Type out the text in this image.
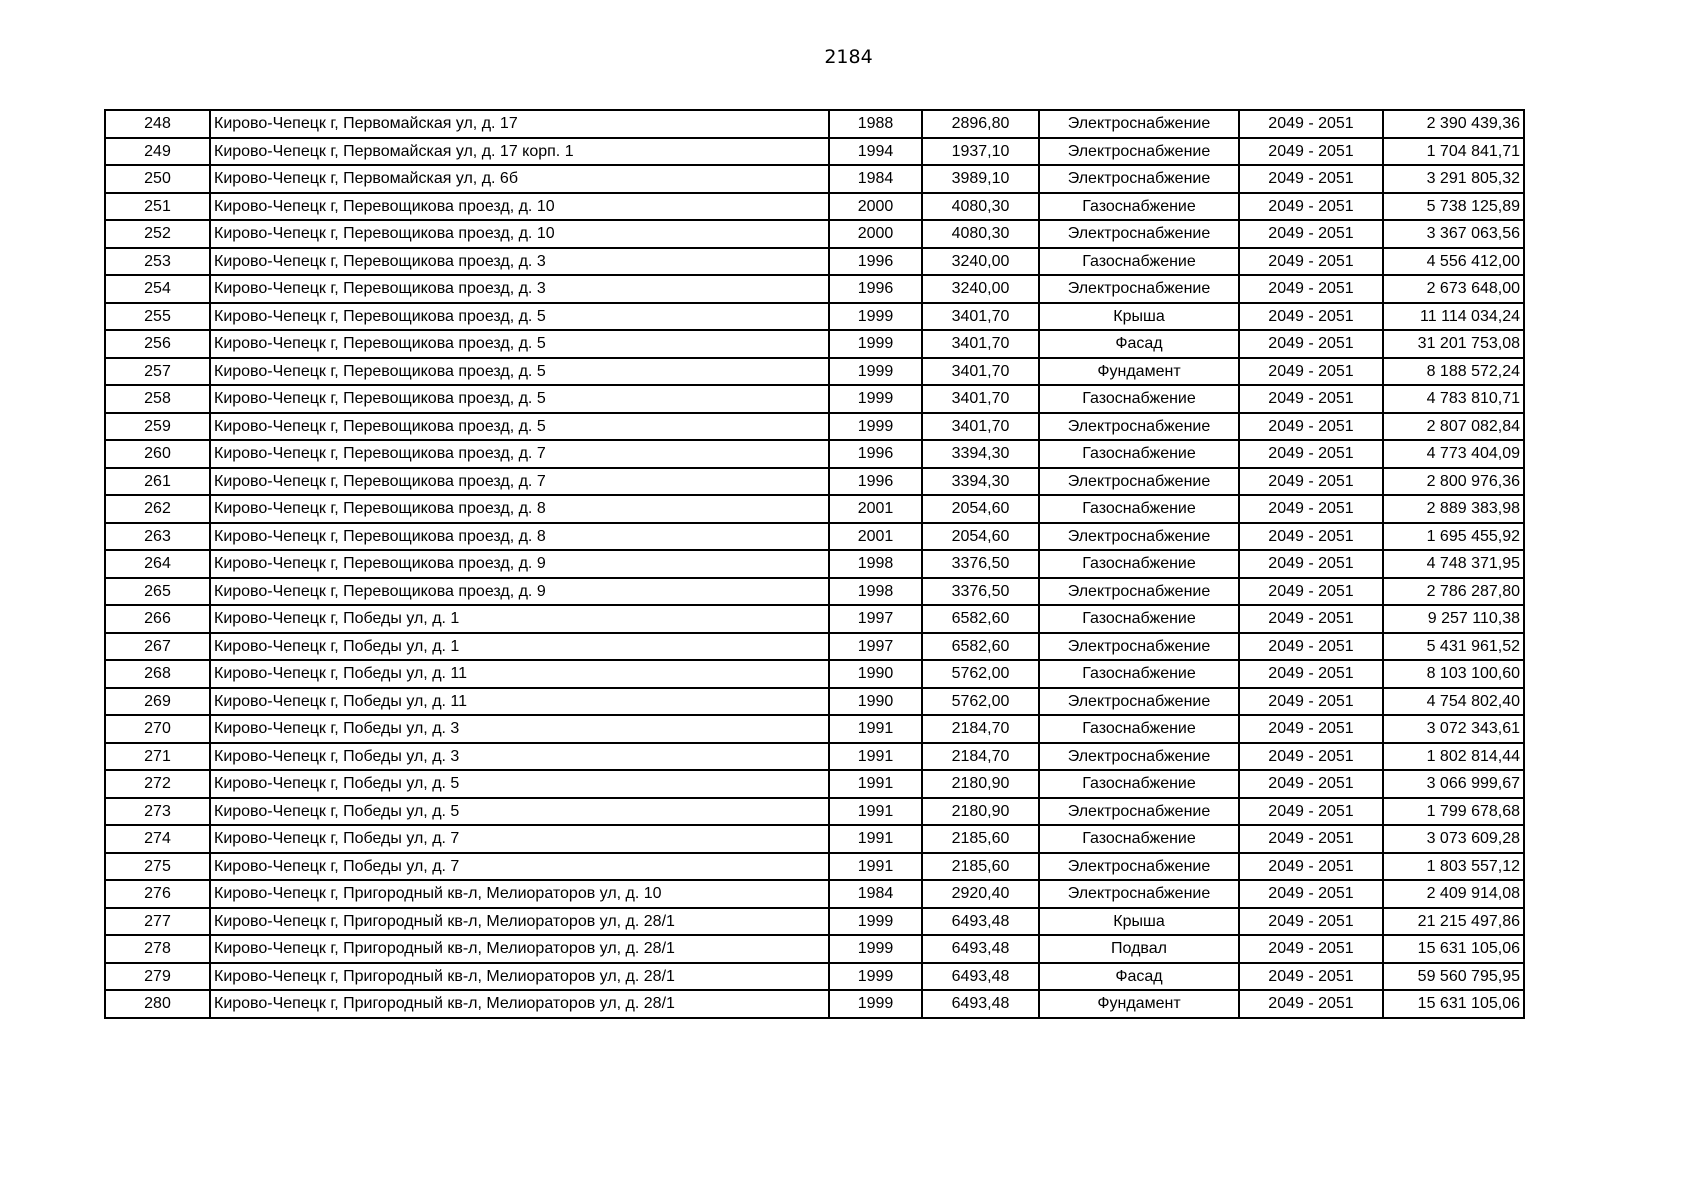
2184
248	Кирово-Чепецк г, Первомайская ул, д. 17	1988	2896,80	Электроснабжение	2049 - 2051	2 390 439,36
249	Кирово-Чепецк г, Первомайская ул, д. 17 корп. 1	1994	1937,10	Электроснабжение	2049 - 2051	1 704 841,71
250	Кирово-Чепецк г, Первомайская ул, д. 6б	1984	3989,10	Электроснабжение	2049 - 2051	3 291 805,32
251	Кирово-Чепецк г, Перевощикова проезд, д. 10	2000	4080,30	Газоснабжение	2049 - 2051	5 738 125,89
252	Кирово-Чепецк г, Перевощикова проезд, д. 10	2000	4080,30	Электроснабжение	2049 - 2051	3 367 063,56
253	Кирово-Чепецк г, Перевощикова проезд, д. 3	1996	3240,00	Газоснабжение	2049 - 2051	4 556 412,00
254	Кирово-Чепецк г, Перевощикова проезд, д. 3	1996	3240,00	Электроснабжение	2049 - 2051	2 673 648,00
255	Кирово-Чепецк г, Перевощикова проезд, д. 5	1999	3401,70	Крыша	2049 - 2051	11 114 034,24
256	Кирово-Чепецк г, Перевощикова проезд, д. 5	1999	3401,70	Фасад	2049 - 2051	31 201 753,08
257	Кирово-Чепецк г, Перевощикова проезд, д. 5	1999	3401,70	Фундамент	2049 - 2051	8 188 572,24
258	Кирово-Чепецк г, Перевощикова проезд, д. 5	1999	3401,70	Газоснабжение	2049 - 2051	4 783 810,71
259	Кирово-Чепецк г, Перевощикова проезд, д. 5	1999	3401,70	Электроснабжение	2049 - 2051	2 807 082,84
260	Кирово-Чепецк г, Перевощикова проезд, д. 7	1996	3394,30	Газоснабжение	2049 - 2051	4 773 404,09
261	Кирово-Чепецк г, Перевощикова проезд, д. 7	1996	3394,30	Электроснабжение	2049 - 2051	2 800 976,36
262	Кирово-Чепецк г, Перевощикова проезд, д. 8	2001	2054,60	Газоснабжение	2049 - 2051	2 889 383,98
263	Кирово-Чепецк г, Перевощикова проезд, д. 8	2001	2054,60	Электроснабжение	2049 - 2051	1 695 455,92
264	Кирово-Чепецк г, Перевощикова проезд, д. 9	1998	3376,50	Газоснабжение	2049 - 2051	4 748 371,95
265	Кирово-Чепецк г, Перевощикова проезд, д. 9	1998	3376,50	Электроснабжение	2049 - 2051	2 786 287,80
266	Кирово-Чепецк г, Победы ул, д. 1	1997	6582,60	Газоснабжение	2049 - 2051	9 257 110,38
267	Кирово-Чепецк г, Победы ул, д. 1	1997	6582,60	Электроснабжение	2049 - 2051	5 431 961,52
268	Кирово-Чепецк г, Победы ул, д. 11	1990	5762,00	Газоснабжение	2049 - 2051	8 103 100,60
269	Кирово-Чепецк г, Победы ул, д. 11	1990	5762,00	Электроснабжение	2049 - 2051	4 754 802,40
270	Кирово-Чепецк г, Победы ул, д. 3	1991	2184,70	Газоснабжение	2049 - 2051	3 072 343,61
271	Кирово-Чепецк г, Победы ул, д. 3	1991	2184,70	Электроснабжение	2049 - 2051	1 802 814,44
272	Кирово-Чепецк г, Победы ул, д. 5	1991	2180,90	Газоснабжение	2049 - 2051	3 066 999,67
273	Кирово-Чепецк г, Победы ул, д. 5	1991	2180,90	Электроснабжение	2049 - 2051	1 799 678,68
274	Кирово-Чепецк г, Победы ул, д. 7	1991	2185,60	Газоснабжение	2049 - 2051	3 073 609,28
275	Кирово-Чепецк г, Победы ул, д. 7	1991	2185,60	Электроснабжение	2049 - 2051	1 803 557,12
276	Кирово-Чепецк г, Пригородный кв-л, Мелиораторов ул, д. 10	1984	2920,40	Электроснабжение	2049 - 2051	2 409 914,08
277	Кирово-Чепецк г, Пригородный кв-л, Мелиораторов ул, д. 28/1	1999	6493,48	Крыша	2049 - 2051	21 215 497,86
278	Кирово-Чепецк г, Пригородный кв-л, Мелиораторов ул, д. 28/1	1999	6493,48	Подвал	2049 - 2051	15 631 105,06
279	Кирово-Чепецк г, Пригородный кв-л, Мелиораторов ул, д. 28/1	1999	6493,48	Фасад	2049 - 2051	59 560 795,95
280	Кирово-Чепецк г, Пригородный кв-л, Мелиораторов ул, д. 28/1	1999	6493,48	Фундамент	2049 - 2051	15 631 105,06
